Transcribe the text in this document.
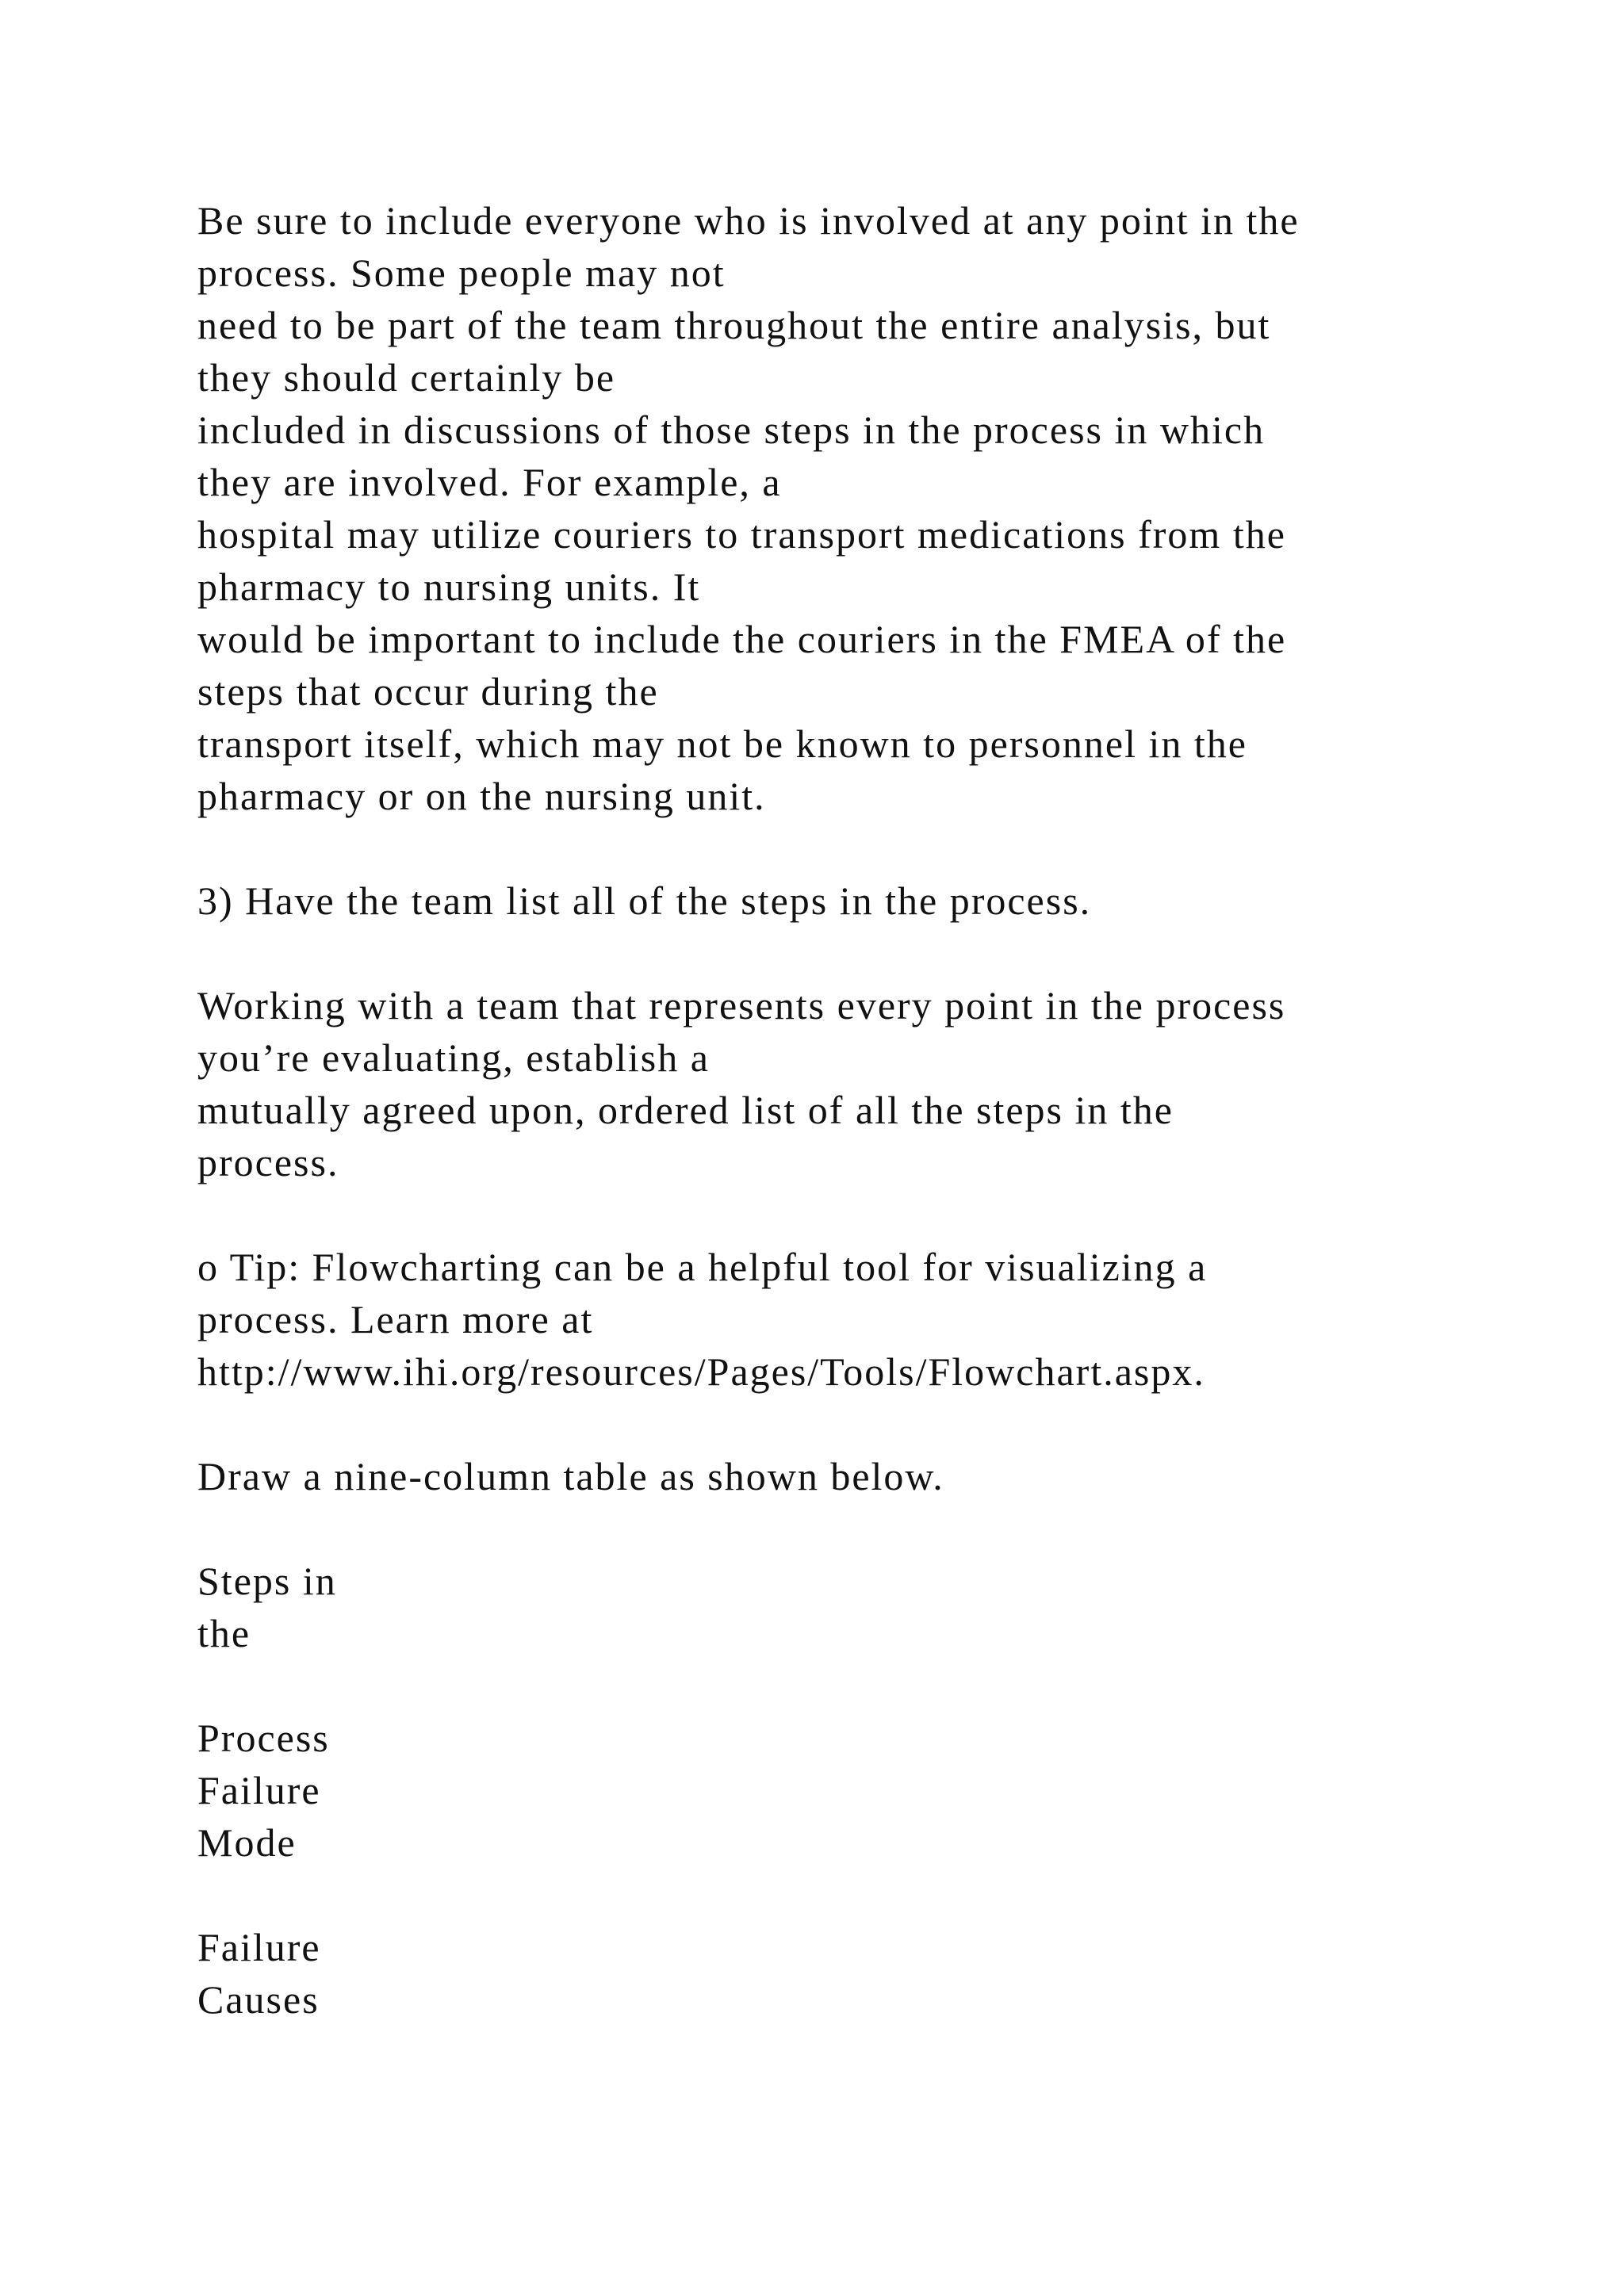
Be sure to include everyone who is involved at any point in the
process. Some people may not
need to be part of the team throughout the entire analysis, but
they should certainly be
included in discussions of those steps in the process in which
they are involved. For example, a
hospital may utilize couriers to transport medications from the
pharmacy to nursing units. It
would be important to include the couriers in the FMEA of the
steps that occur during the
transport itself, which may not be known to personnel in the
pharmacy or on the nursing unit.
3) Have the team list all of the steps in the process.
Working with a team that represents every point in the process
you’re evaluating, establish a
mutually agreed upon, ordered list of all the steps in the
process.
o Tip: Flowcharting can be a helpful tool for visualizing a
process. Learn more at
http://www.ihi.org/resources/Pages/Tools/Flowchart.aspx.
Draw a nine-column table as shown below.
Steps in
the
Process
Failure
Mode
Failure
Causes
